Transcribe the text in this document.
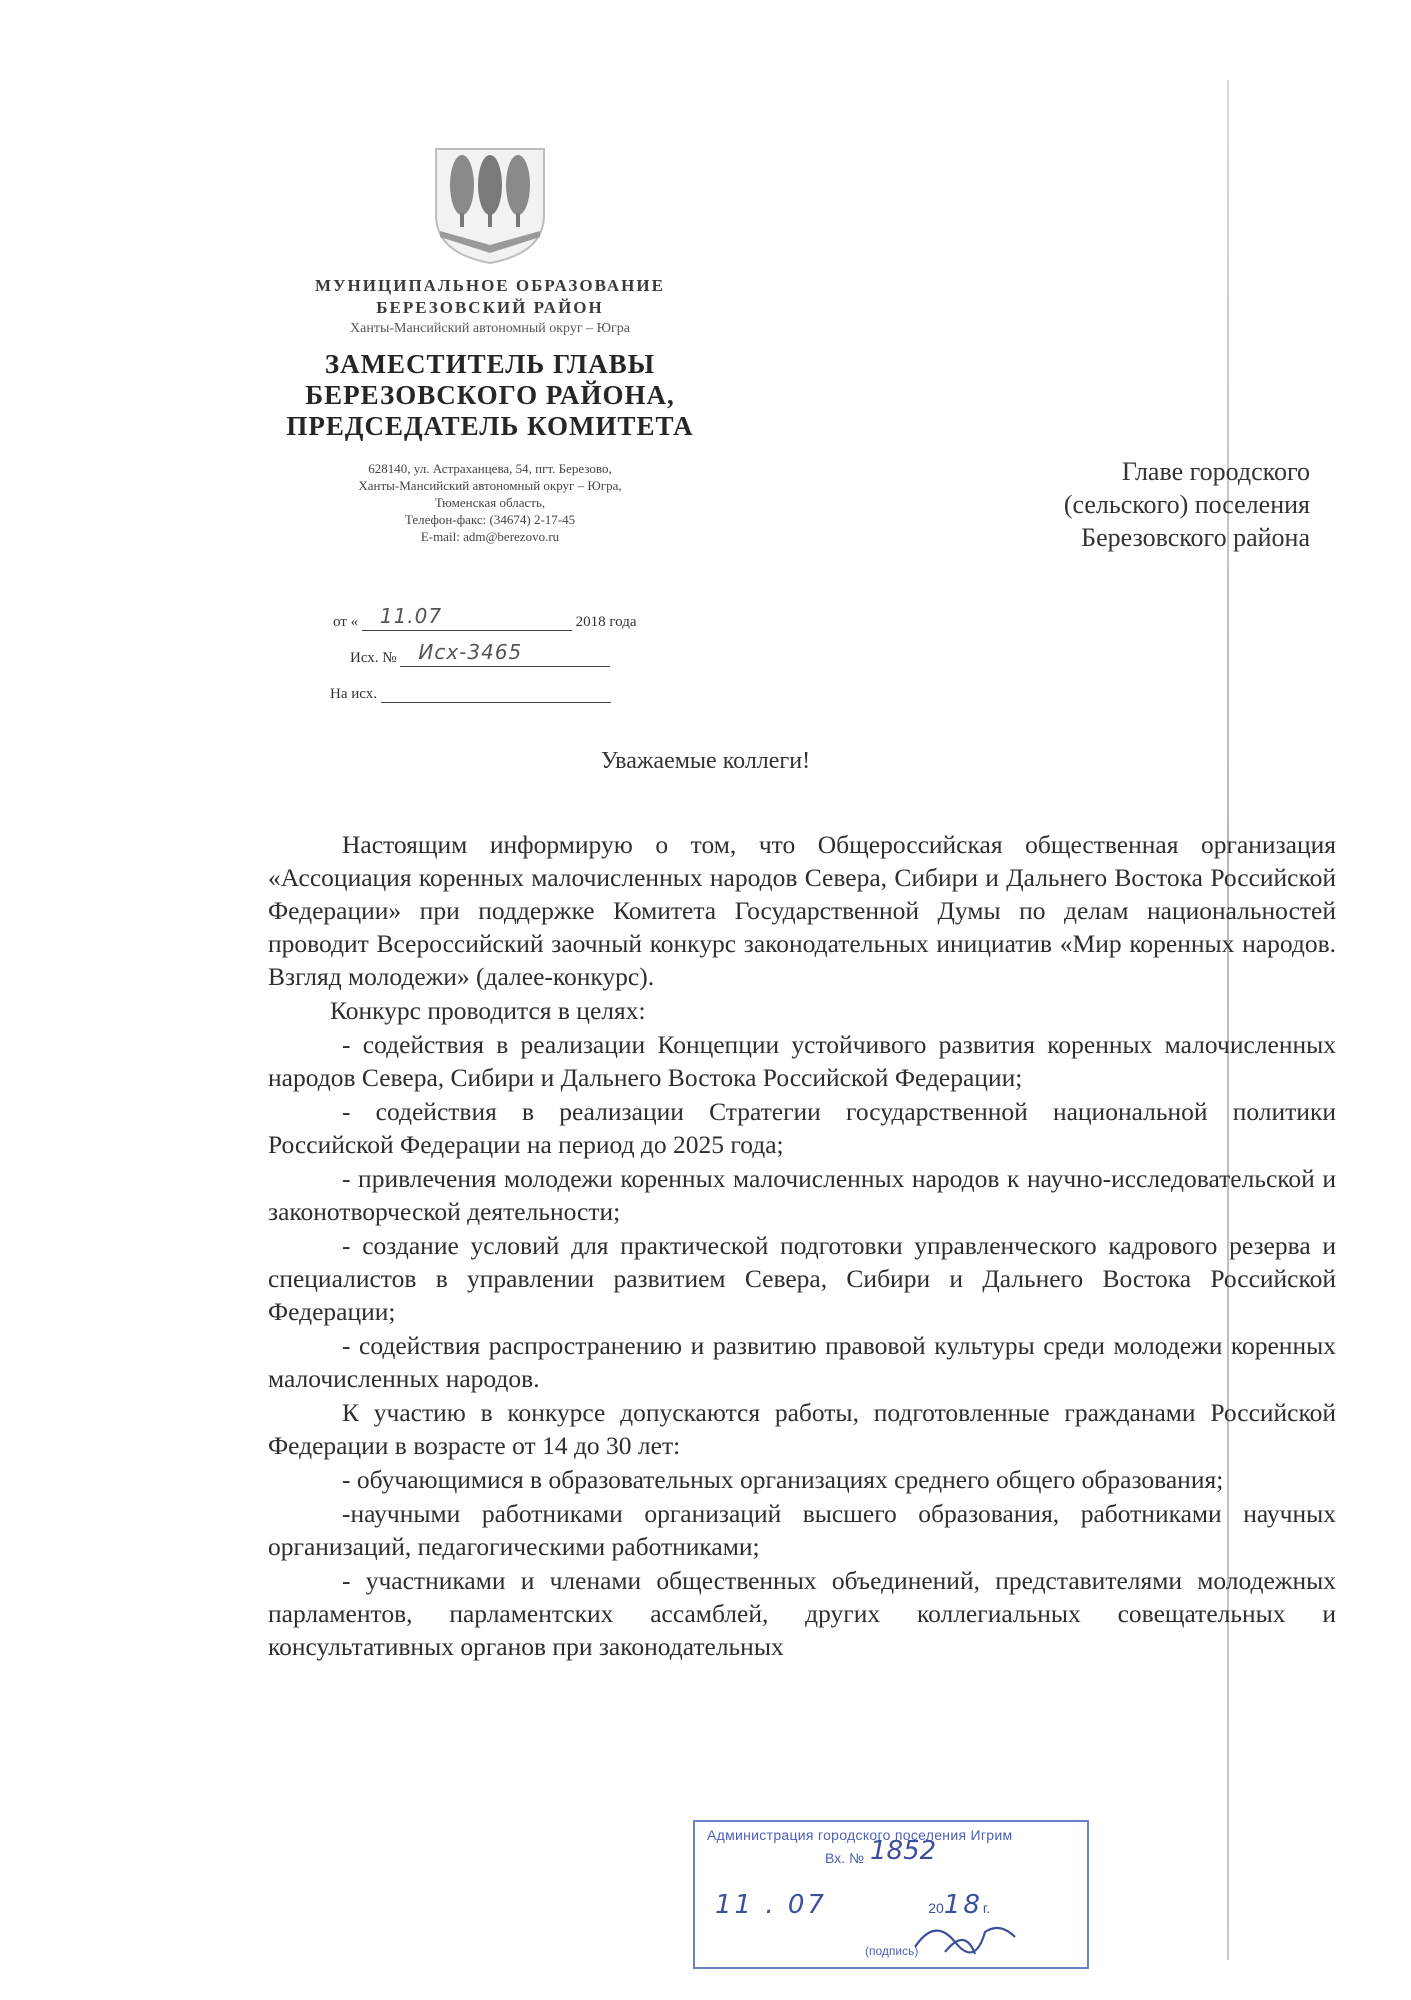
МУНИЦИПАЛЬНОЕ ОБРАЗОВАНИЕ
БЕРЕЗОВСКИЙ РАЙОН
Ханты-Мансийский автономный округ – Югра
ЗАМЕСТИТЕЛЬ ГЛАВЫ
БЕРЕЗОВСКОГО РАЙОНА,
ПРЕДСЕДАТЕЛЬ КОМИТЕТА
628140, ул. Астраханцева, 54, пгт. Березово,
Ханты-Мансийский автономный округ – Югра,
Тюменская область,
Телефон-факс: (34674) 2-17-45
E-mail: adm@berezovo.ru
от « 11.07	2018 года
Исх. № Исх-3465
На исх.
Главе городского
(сельского) поселения
Березовского района
Уважаемые коллеги!

Настоящим информирую о том, что Общероссийская общественная организация «Ассоциация коренных малочисленных народов Севера, Сибири и Дальнего Востока Российской Федерации» при поддержке Комитета Государственной Думы по делам национальностей проводит Всероссийский заочный конкурс законодательных инициатив «Мир коренных народов. Взгляд молодежи» (далее-конкурс).

Конкурс проводится в целях:

- содействия в реализации Концепции устойчивого развития коренных малочисленных народов Севера, Сибири и Дальнего Востока Российской Федерации;

- содействия в реализации Стратегии государственной национальной политики Российской Федерации на период до 2025 года;

- привлечения молодежи коренных малочисленных народов к научно-исследовательской и законотворческой деятельности;

- создание условий для практической подготовки управленческого кадрового резерва и специалистов в управлении развитием Севера, Сибири и Дальнего Востока Российской Федерации;

- содействия распространению и развитию правовой культуры среди молодежи коренных малочисленных народов.

К участию в конкурсе допускаются работы, подготовленные гражданами Российской Федерации в возрасте от 14 до 30 лет:

- обучающимися в образовательных организациях среднего общего образования;

-научными работниками организаций высшего образования, работниками научных организаций, педагогическими работниками;

- участниками и членами общественных объединений, представителями молодежных парламентов, парламентских ассамблей, других коллегиальных совещательных и консультативных органов при законодательных

Администрация городского поселения Игрим
Вх. № 1852
11 . 07	2018г.
(подпись)
